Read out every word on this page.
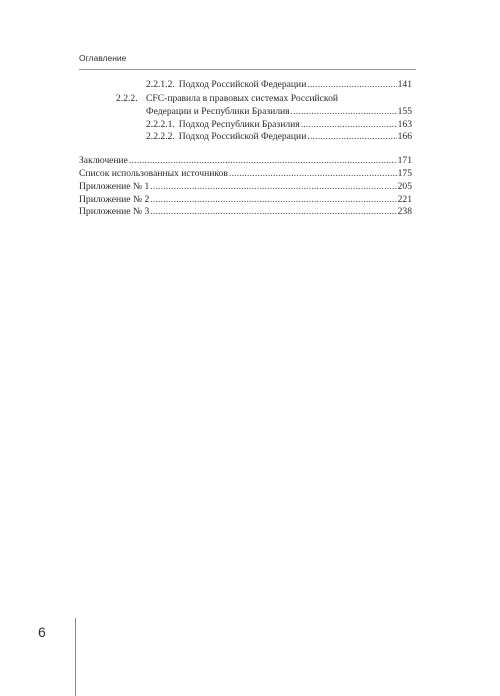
Оглавление
2.2.1.2. Подход Российской Федерации .....	141
2.2.2. CFC-правила в правовых системах Российской
Федерации и Республики Бразилия .....	155
2.2.2.1. Подход Республики Бразилия .....	163
2.2.2.2. Подход Российской Федерации .....	166
Заключение .....	171
Список использованных источников .....	175
Приложение № 1 .....	205
Приложение № 2 .....	221
Приложение № 3 .....	238
6
